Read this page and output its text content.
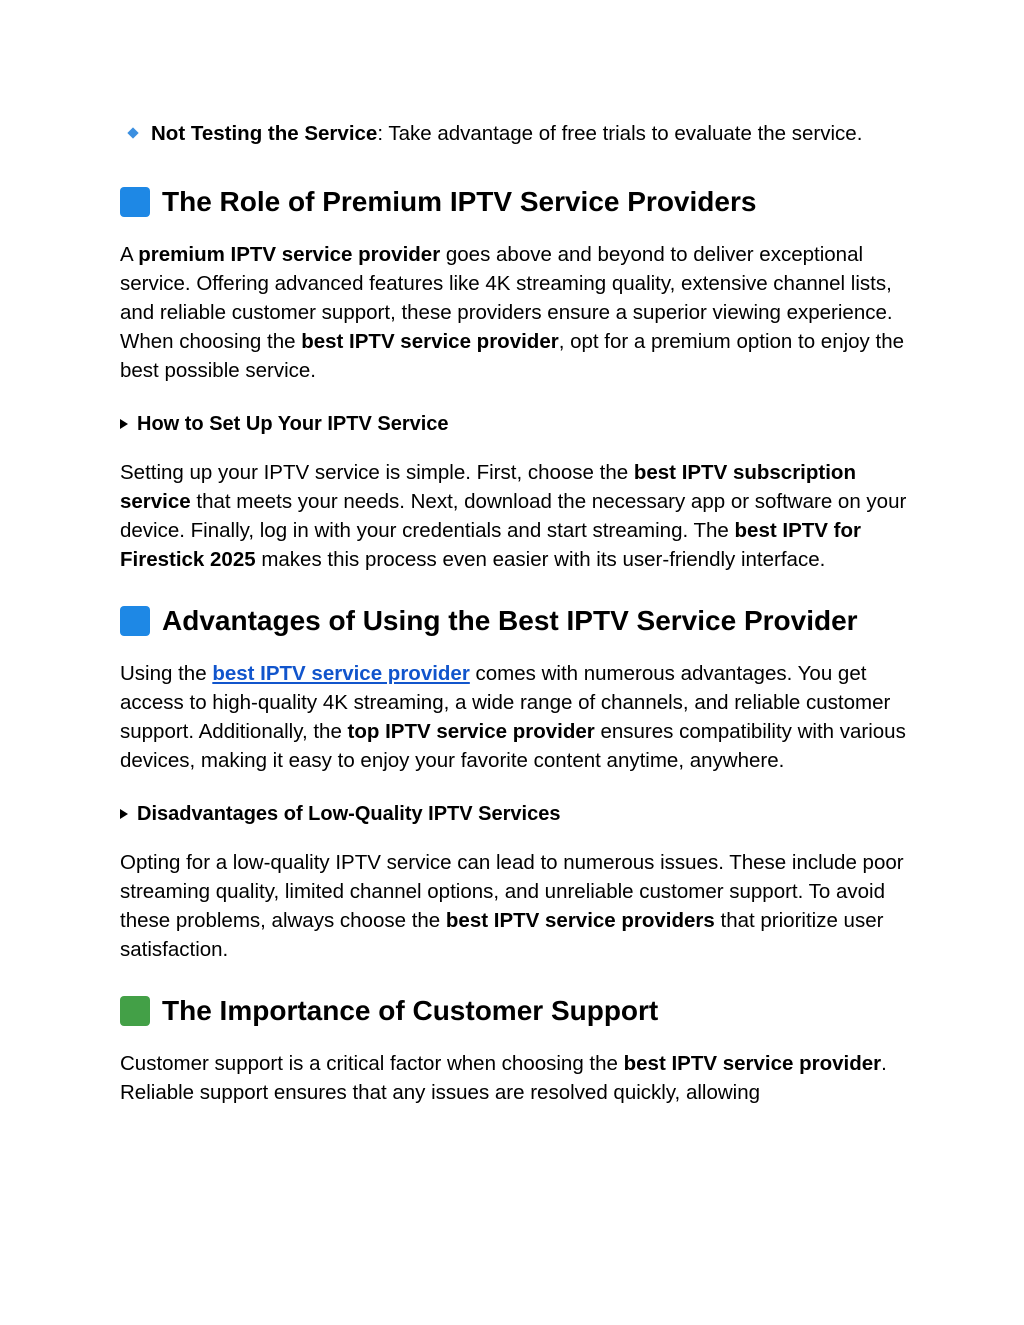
Not Testing the Service: Take advantage of free trials to evaluate the service.

The Role of Premium IPTV Service Providers

A premium IPTV service provider goes above and beyond to deliver exceptional service. Offering advanced features like 4K streaming quality, extensive channel lists, and reliable customer support, these providers ensure a superior viewing experience. When choosing the best IPTV service provider, opt for a premium option to enjoy the best possible service.

How to Set Up Your IPTV Service

Setting up your IPTV service is simple. First, choose the best IPTV subscription service that meets your needs. Next, download the necessary app or software on your device. Finally, log in with your credentials and start streaming. The best IPTV for Firestick 2025 makes this process even easier with its user-friendly interface.

Advantages of Using the Best IPTV Service Provider

Using the best IPTV service provider comes with numerous advantages. You get access to high-quality 4K streaming, a wide range of channels, and reliable customer support. Additionally, the top IPTV service provider ensures compatibility with various devices, making it easy to enjoy your favorite content anytime, anywhere.

Disadvantages of Low-Quality IPTV Services

Opting for a low-quality IPTV service can lead to numerous issues. These include poor streaming quality, limited channel options, and unreliable customer support. To avoid these problems, always choose the best IPTV service providers that prioritize user satisfaction.

The Importance of Customer Support

Customer support is a critical factor when choosing the best IPTV service provider. Reliable support ensures that any issues are resolved quickly, allowing
